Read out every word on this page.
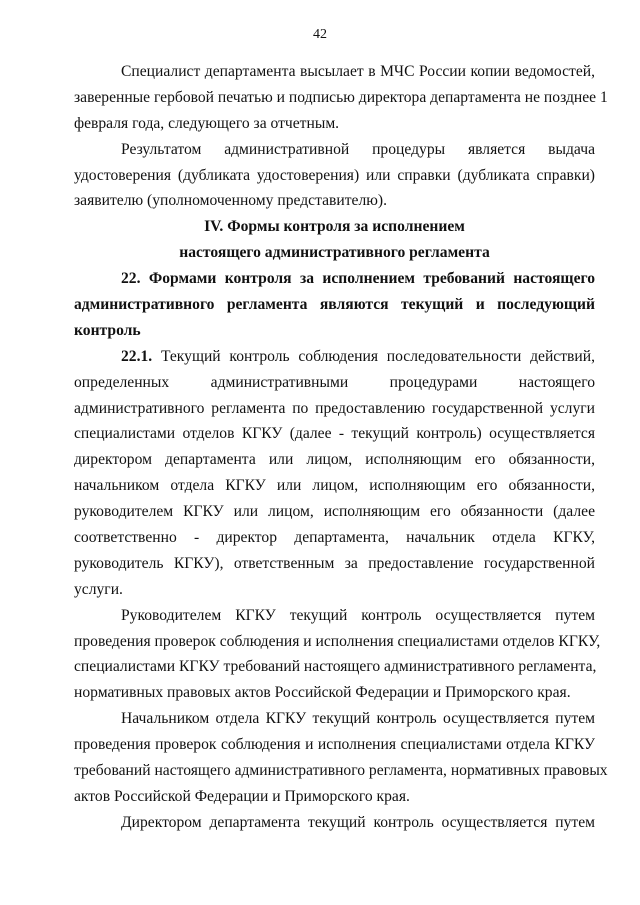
42
Специалист департамента высылает в МЧС России копии ведомостей,
заверенные гербовой печатью и подписью директора департамента не позднее 1
февраля года, следующего за отчетным.
Результатом административной процедуры является выдача
удостоверения (дубликата удостоверения) или справки (дубликата справки)
заявителю (уполномоченному представителю).
IV. Формы контроля за исполнением
настоящего административного регламента
22. Формами контроля за исполнением требований настоящего
административного регламента являются текущий и последующий
контроль
22.1. Текущий контроль соблюдения последовательности действий,
определенных административными процедурами настоящего
административного регламента по предоставлению государственной услуги
специалистами отделов КГКУ (далее - текущий контроль) осуществляется
директором департамента или лицом, исполняющим его обязанности,
начальником отдела КГКУ или лицом, исполняющим его обязанности,
руководителем КГКУ или лицом, исполняющим его обязанности (далее
соответственно - директор департамента, начальник отдела КГКУ,
руководитель КГКУ), ответственным за предоставление государственной
услуги.
Руководителем КГКУ текущий контроль осуществляется путем
проведения проверок соблюдения и исполнения специалистами отделов КГКУ,
специалистами КГКУ требований настоящего административного регламента,
нормативных правовых актов Российской Федерации и Приморского края.
Начальником отдела КГКУ текущий контроль осуществляется путем
проведения проверок соблюдения и исполнения специалистами отдела КГКУ
требований настоящего административного регламента, нормативных правовых
актов Российской Федерации и Приморского края.
Директором департамента текущий контроль осуществляется путем
